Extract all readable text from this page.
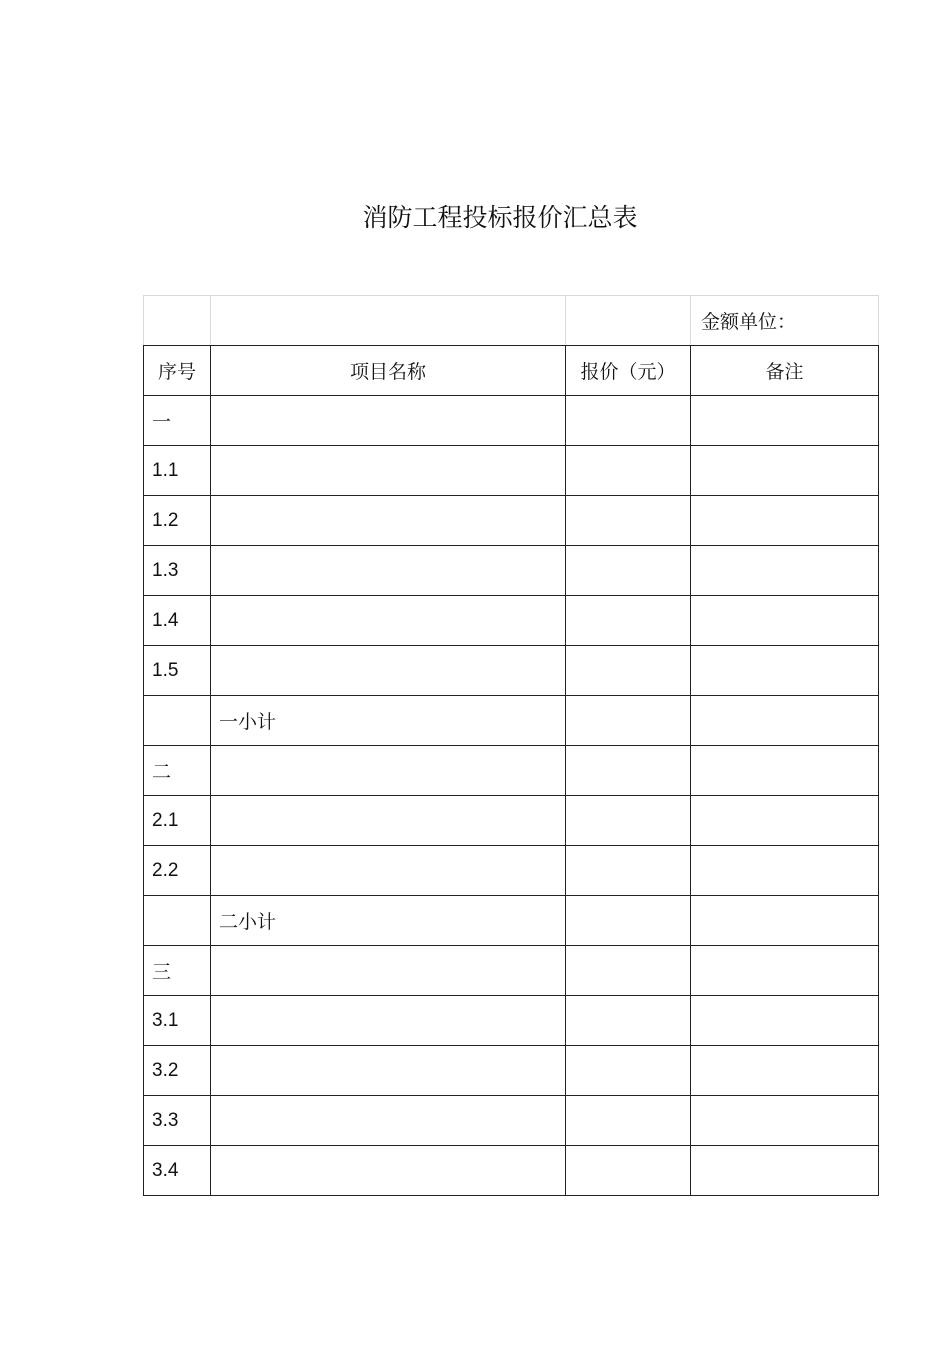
消防工程投标报价汇总表
			金额单位：
序号	项目名称	报价（元）	备注
一			
1.1			
1.2			
1.3			
1.4			
1.5			
	一小计		
二			
2.1			
2.2			
	二小计		
三			
3.1			
3.2			
3.3			
3.4			
